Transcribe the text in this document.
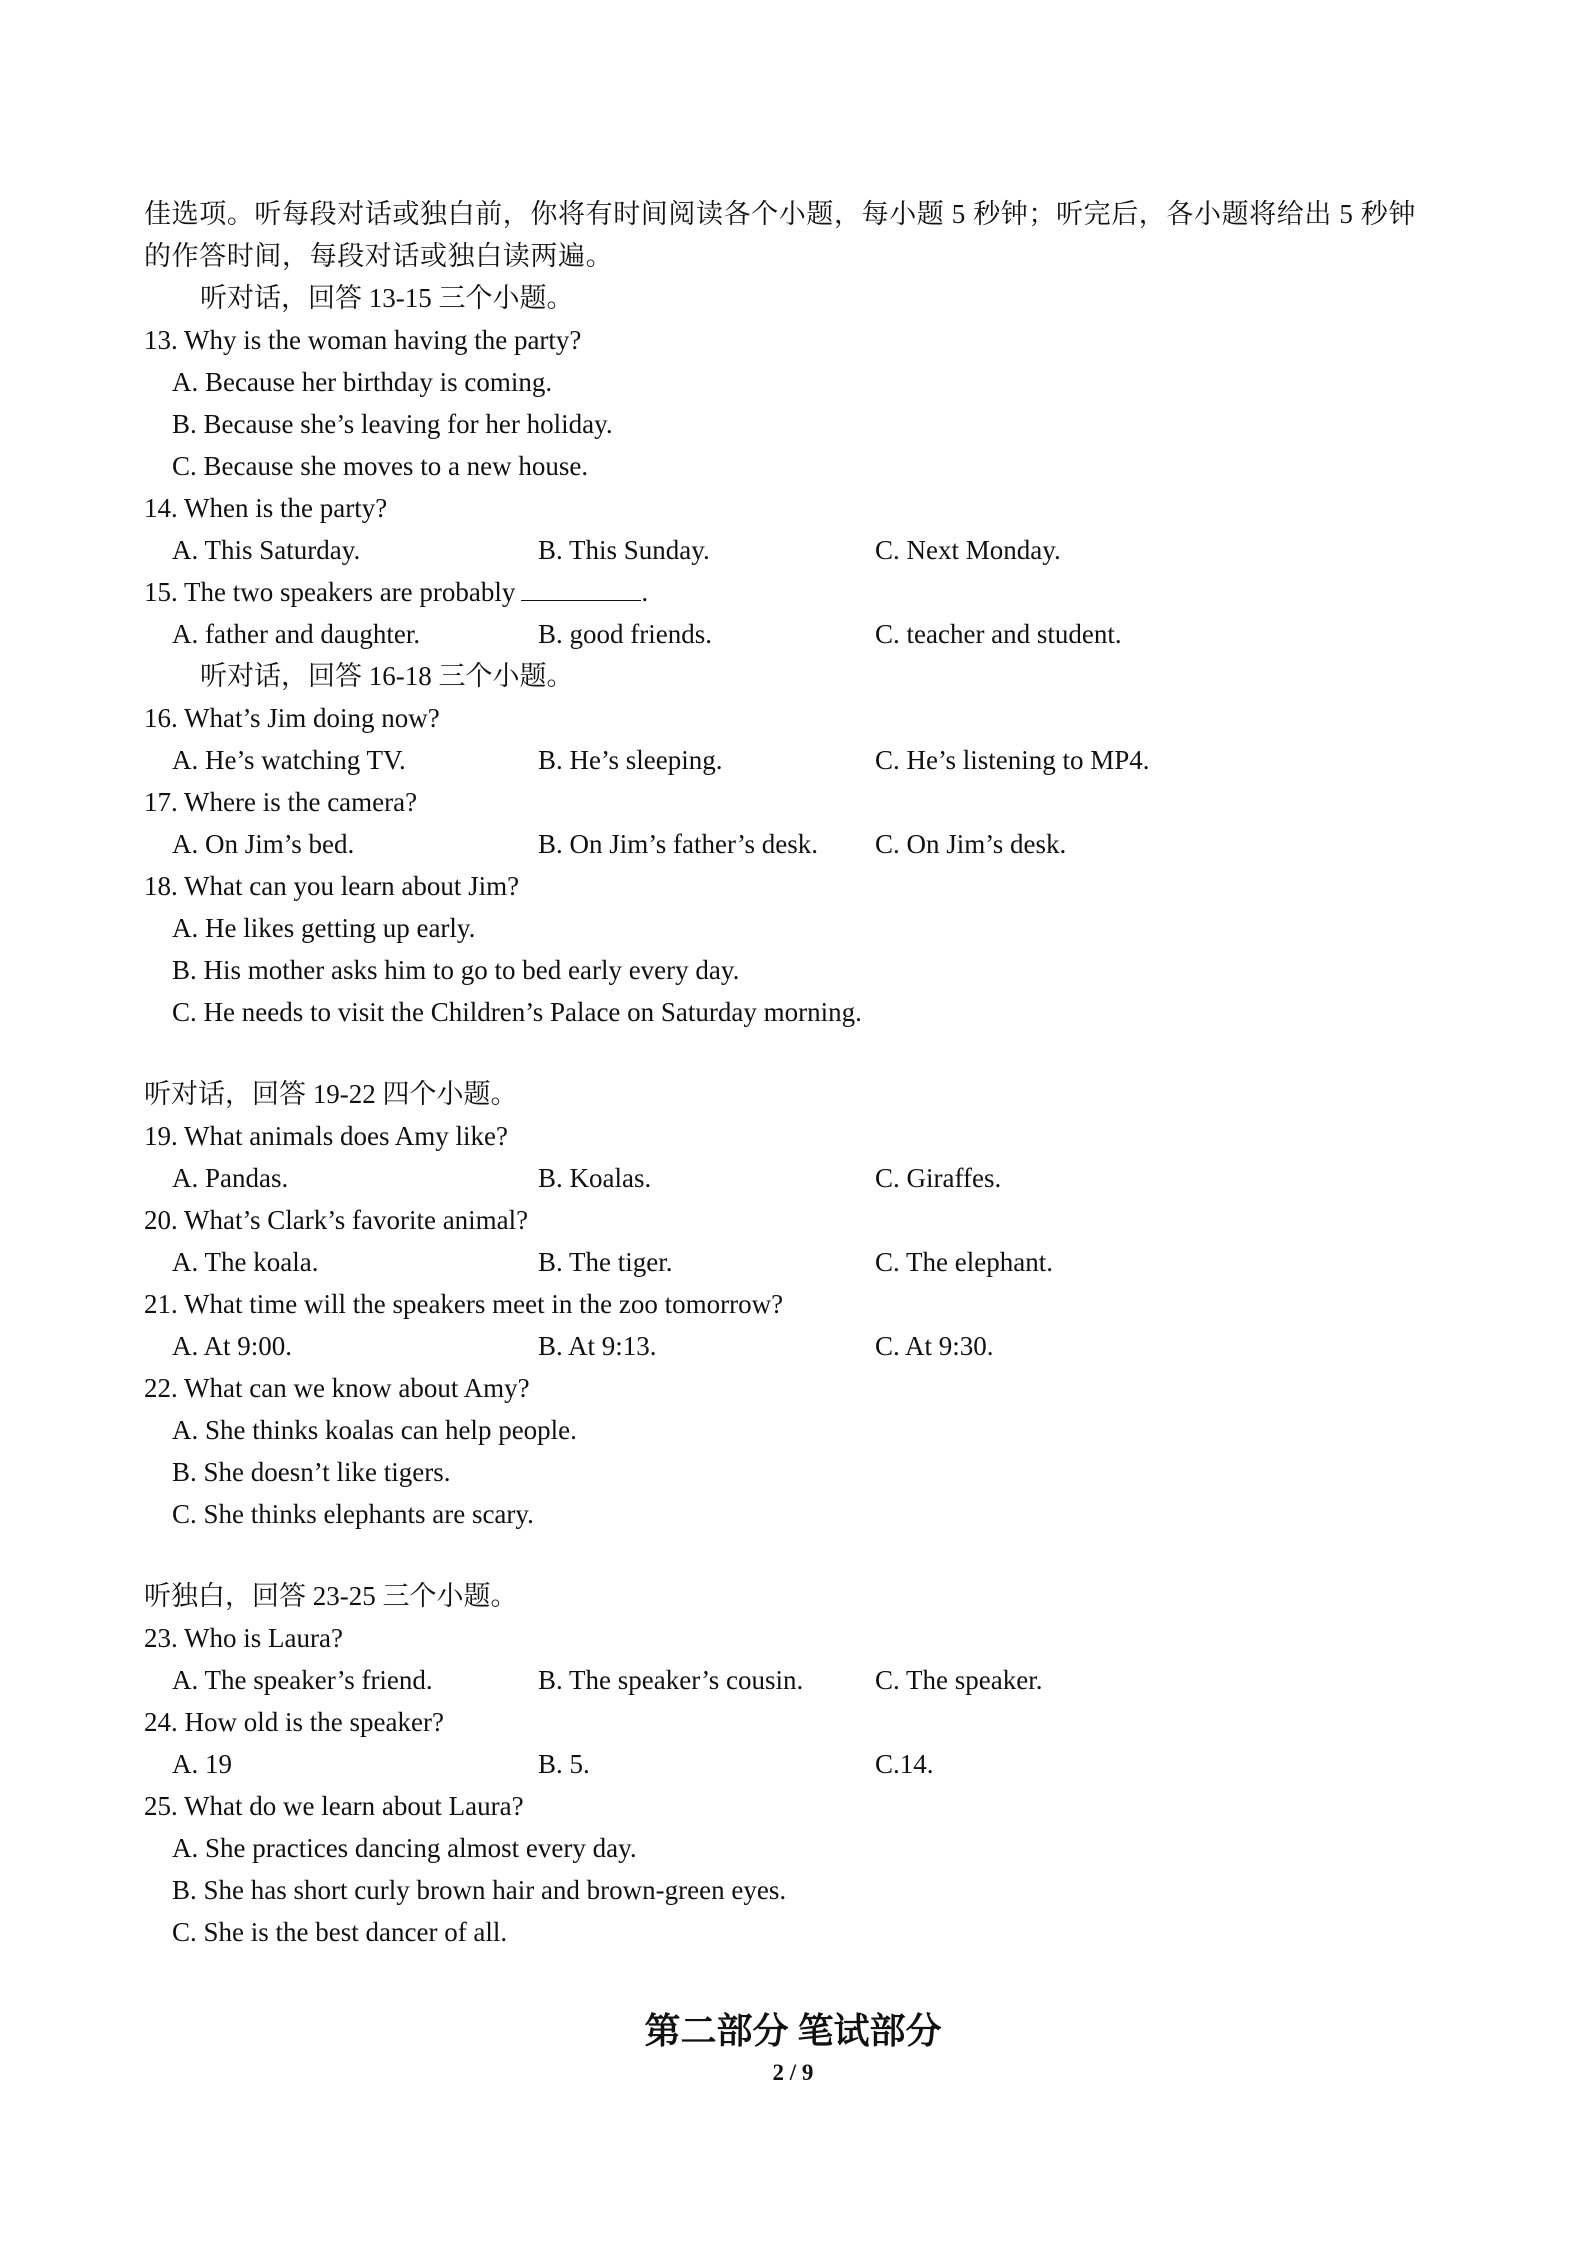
佳选项。听每段对话或独白前，你将有时间阅读各个小题，每小题 5 秒钟；听完后，各小题将给出 5 秒钟
的作答时间，每段对话或独白读两遍。
听对话，回答 13-15 三个小题。
13. Why is the woman having the party?
A. Because her birthday is coming.
B. Because she’s leaving for her holiday.
C. Because she moves to a new house.
14. When is the party?
A. This Saturday.	B. This Sunday.	C. Next Monday.
15. The two speakers are probably	.
A. father and daughter.	B. good friends.	C. teacher and student.
听对话，回答 16-18 三个小题。
16. What’s Jim doing now?
A. He’s watching TV.	B. He’s sleeping.	C. He’s listening to MP4.
17. Where is the camera?
A. On Jim’s bed.	B. On Jim’s father’s desk. C. On Jim’s desk.
18. What can you learn about Jim?
A. He likes getting up early.
B. His mother asks him to go to bed early every day.
C. He needs to visit the Children’s Palace on Saturday morning.
听对话，回答 19-22 四个小题。
19. What animals does Amy like?
A. Pandas.	B. Koalas.	C. Giraffes.
20. What’s Clark’s favorite animal?
A. The koala.	B. The tiger.	C. The elephant.
21. What time will the speakers meet in the zoo tomorrow?
A. At 9:00.	B. At 9:13.	C. At 9:30.
22. What can we know about Amy?
A. She thinks koalas can help people.
B. She doesn’t like tigers.
C. She thinks elephants are scary.
听独白，回答 23-25 三个小题。
23. Who is Laura?
A. The speaker’s friend.	B. The speaker’s cousin.	C. The speaker.
24. How old is the speaker?
A. 19	B. 5.	C.14.
25. What do we learn about Laura?
A. She practices dancing almost every day.
B. She has short curly brown hair and brown-green eyes.
C. She is the best dancer of all.
第二部分 笔试部分
2 / 9
